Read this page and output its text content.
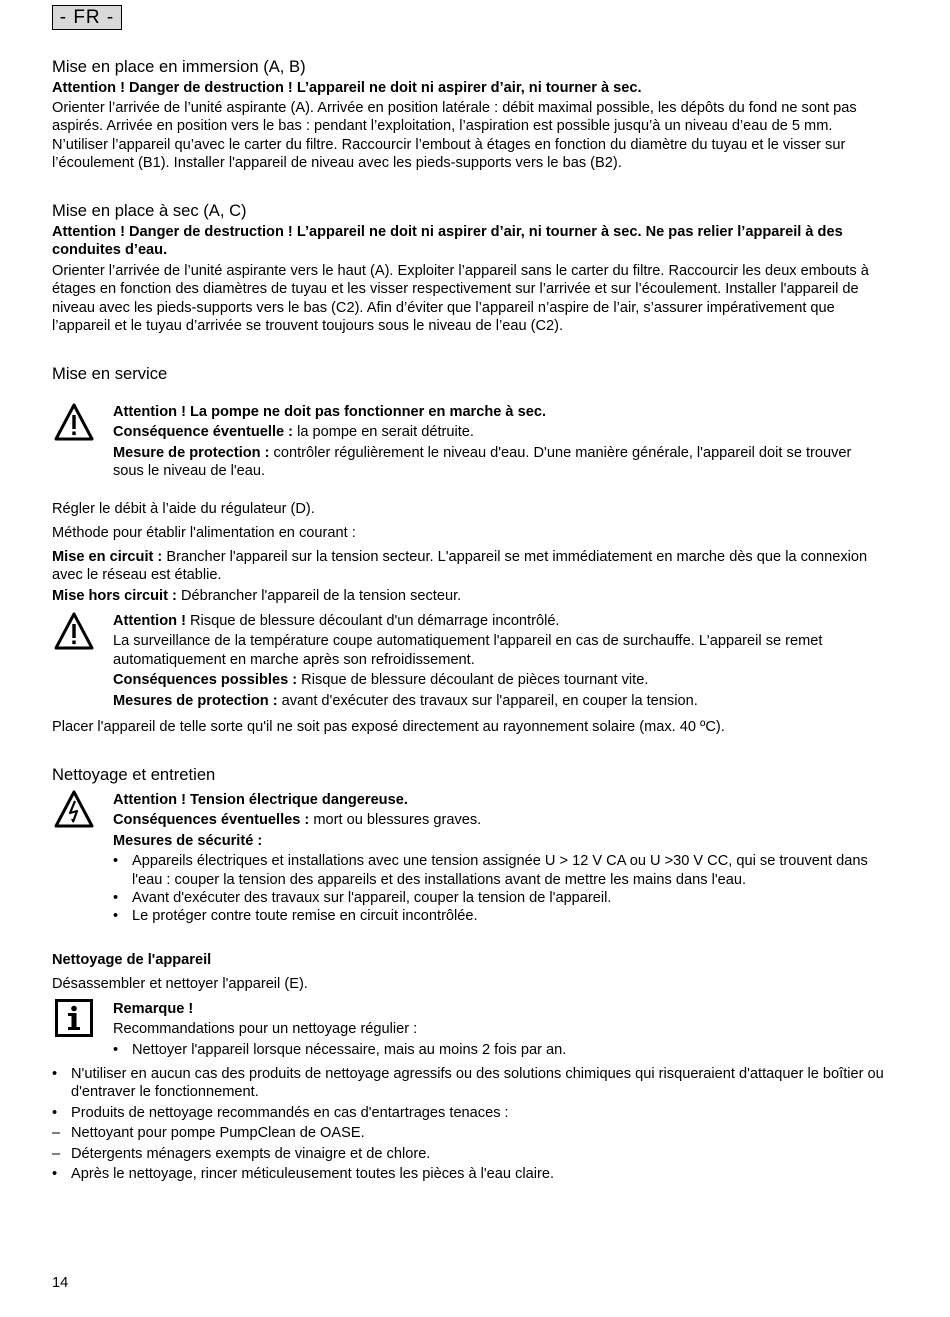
- FR -
Mise en place en immersion (A, B)

Attention ! Danger de destruction ! L’appareil ne doit ni aspirer d’air, ni tourner à sec.

Orienter l’arrivée de l’unité aspirante (A). Arrivée en position latérale : débit maximal possible, les dépôts du fond ne sont pas aspirés. Arrivée en position vers le bas : pendant l’exploitation, l’aspiration est possible jusqu’à un niveau d’eau de 5 mm. N’utiliser l’appareil qu’avec le carter du filtre. Raccourcir l’embout à étages en fonction du diamètre du tuyau et le visser sur l’écoulement (B1). Installer l'appareil de niveau avec les pieds-supports vers le bas (B2).

Mise en place à sec (A, C)

Attention ! Danger de destruction ! L’appareil ne doit ni aspirer d’air, ni tourner à sec. Ne pas relier l’appareil à des conduites d’eau.

Orienter l’arrivée de l’unité aspirante vers le haut (A). Exploiter l’appareil sans le carter du filtre. Raccourcir les deux embouts à étages en fonction des diamètres de tuyau et les visser respectivement sur l’arrivée et sur l’écoulement. Installer l'appareil de niveau avec les pieds-supports vers le bas (C2). Afin d’éviter que l’appareil n’aspire de l’air, s’assurer impérativement que l’appareil et le tuyau d’arrivée se trouvent toujours sous le niveau de l’eau (C2).

Mise en service

Attention ! La pompe ne doit pas fonctionner en marche à sec.

Conséquence éventuelle : la pompe en serait détruite.

Mesure de protection : contrôler régulièrement le niveau d'eau. D'une manière générale, l'appareil doit se trouver sous le niveau de l'eau.

Régler le débit à l’aide du régulateur (D).

Méthode pour établir l'alimentation en courant :

Mise en circuit : Brancher l'appareil sur la tension secteur. L'appareil se met immédiatement en marche dès que la connexion avec le réseau est établie.

Mise hors circuit : Débrancher l'appareil de la tension secteur.

Attention ! Risque de blessure découlant d'un démarrage incontrôlé.

La surveillance de la température coupe automatiquement l'appareil en cas de surchauffe. L'appareil se remet automatiquement en marche après son refroidissement.

Conséquences possibles : Risque de blessure découlant de pièces tournant vite.

Mesures de protection : avant d'exécuter des travaux sur l'appareil, en couper la tension.

Placer l'appareil de telle sorte qu'il ne soit pas exposé directement au rayonnement solaire (max. 40 ºC).

Nettoyage et entretien

Attention ! Tension électrique dangereuse.

Conséquences éventuelles : mort ou blessures graves.

Mesures de sécurité :

• Appareils électriques et installations avec une tension assignée U > 12 V CA ou U >30 V CC, qui se trouvent dans l'eau : couper la tension des appareils et des installations avant de mettre les mains dans l'eau.
• Avant d'exécuter des travaux sur l'appareil, couper la tension de l'appareil.
• Le protéger contre toute remise en circuit incontrôlée.
Nettoyage de l'appareil

Désassembler et nettoyer l'appareil (E).

Remarque !

Recommandations pour un nettoyage régulier :

• Nettoyer l'appareil lorsque nécessaire, mais au moins 2 fois par an.
• N'utiliser en aucun cas des produits de nettoyage agressifs ou des solutions chimiques qui risqueraient d'attaquer le boîtier ou d'entraver le fonctionnement.
• Produits de nettoyage recommandés en cas d'entartrages tenaces :
– Nettoyant pour pompe PumpClean de OASE.
– Détergents ménagers exempts de vinaigre et de chlore.
• Après le nettoyage, rincer méticuleusement toutes les pièces à l'eau claire.
14
